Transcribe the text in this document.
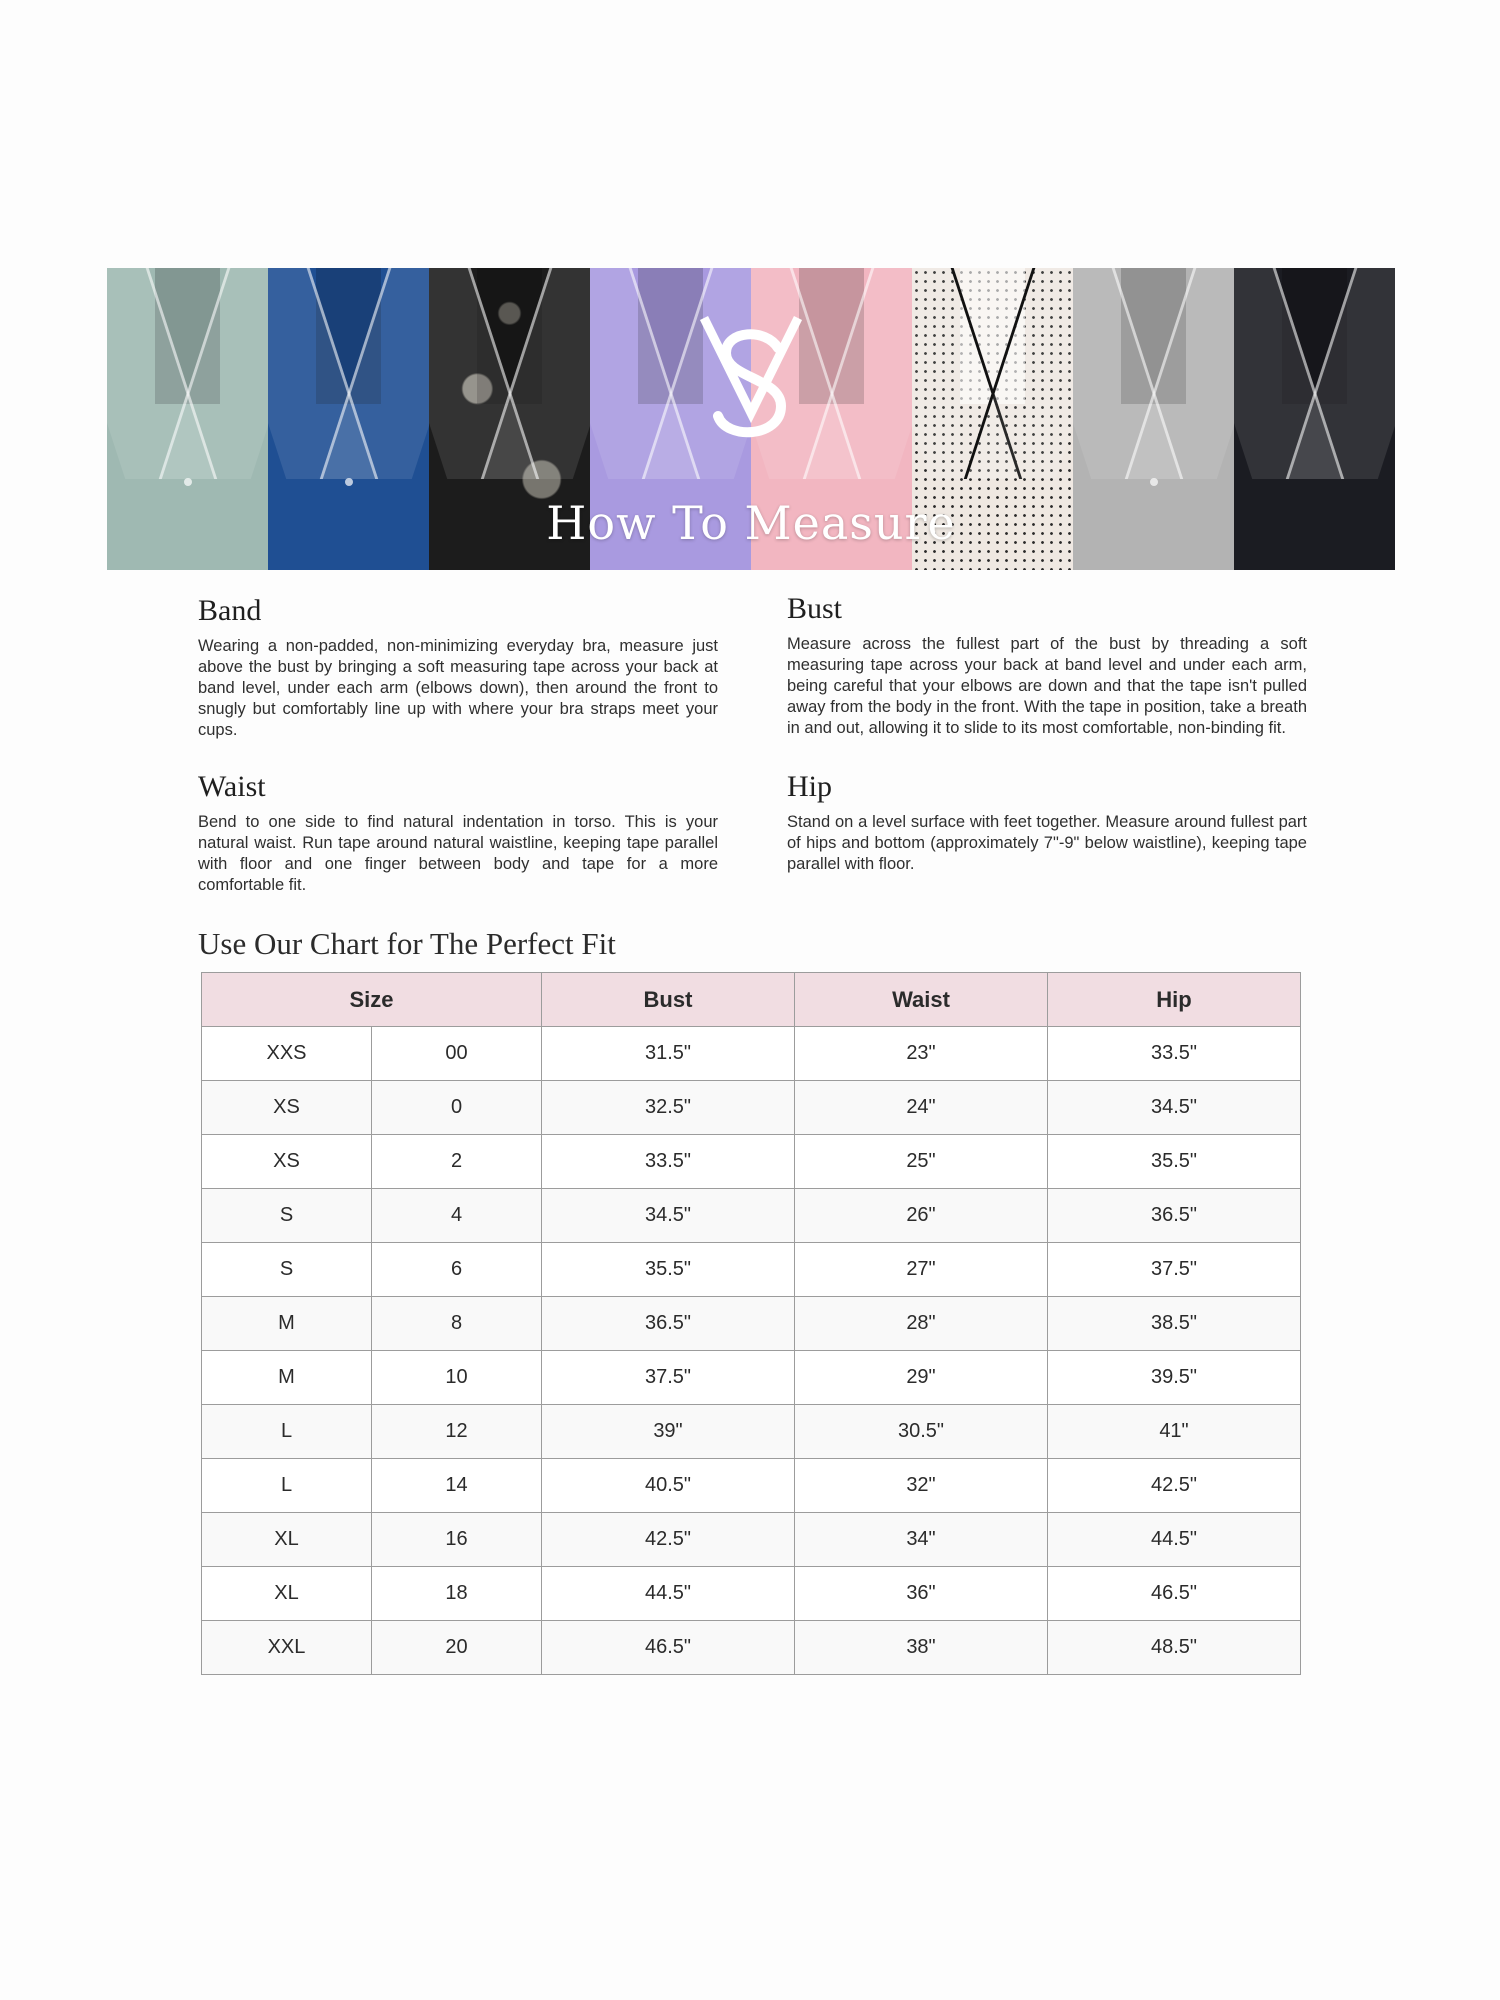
How To Measure
Band

Wearing a non-padded, non-minimizing everyday bra, measure just above the bust by bringing a soft measuring tape across your back at band level, under each arm (elbows down), then around the front to snugly but comfortably line up with where your bra straps meet your cups.

Bust

Measure across the fullest part of the bust by threading a soft measuring tape across your back at band level and under each arm, being careful that your elbows are down and that the tape isn't pulled away from the body in the front. With the tape in position, take a breath in and out, allowing it to slide to its most comfortable, non-binding fit.

Waist

Bend to one side to find natural indentation in torso. This is your natural waist. Run tape around natural waistline, keeping tape parallel with floor and one finger between body and tape for a more comfortable fit.

Hip

Stand on a level surface with feet together. Measure around fullest part of hips and bottom (approximately 7"-9" below waistline), keeping tape parallel with floor.

Use Our Chart for The Perfect Fit
Size		Bust	Waist	Hip
XXS	00	31.5"	23"	33.5"
XS	0	32.5"	24"	34.5"
XS	2	33.5"	25"	35.5"
S	4	34.5"	26"	36.5"
S	6	35.5"	27"	37.5"
M	8	36.5"	28"	38.5"
M	10	37.5"	29"	39.5"
L	12	39"	30.5"	41"
L	14	40.5"	32"	42.5"
XL	16	42.5"	34"	44.5"
XL	18	44.5"	36"	46.5"
XXL	20	46.5"	38"	48.5"
